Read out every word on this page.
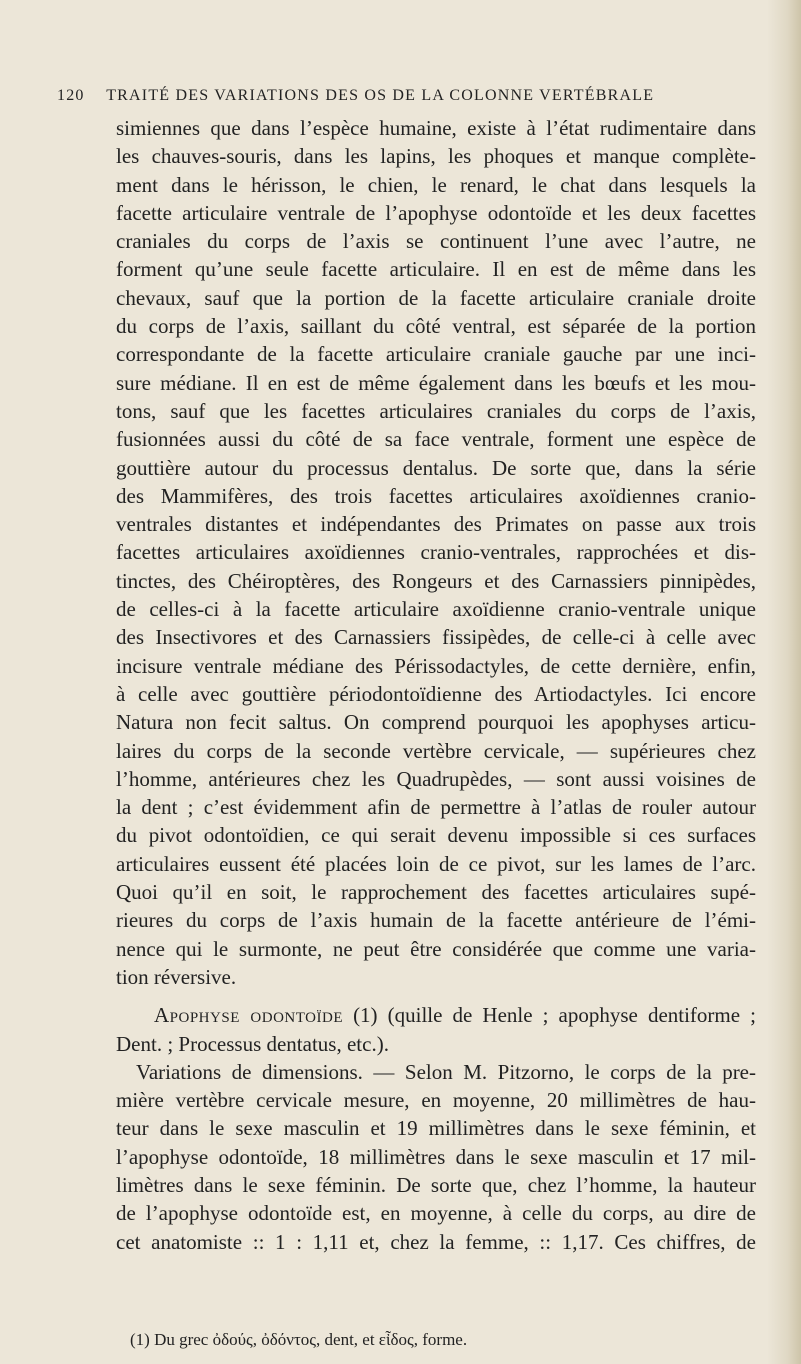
120 TRAITÉ DES VARIATIONS DES OS DE LA COLONNE VERTÉBRALE
simiennes que dans l’espèce humaine, existe à l’état rudimentaire dans
les chauves-souris, dans les lapins, les phoques et manque complète-
ment dans le hérisson, le chien, le renard, le chat dans lesquels la
facette articulaire ventrale de l’apophyse odontoïde et les deux facettes
craniales du corps de l’axis se continuent l’une avec l’autre, ne
forment qu’une seule facette articulaire. Il en est de même dans les
chevaux, sauf que la portion de la facette articulaire craniale droite
du corps de l’axis, saillant du côté ventral, est séparée de la portion
correspondante de la facette articulaire craniale gauche par une inci-
sure médiane. Il en est de même également dans les bœufs et les mou-
tons, sauf que les facettes articulaires craniales du corps de l’axis,
fusionnées aussi du côté de sa face ventrale, forment une espèce de
gouttière autour du processus dentalus. De sorte que, dans la série
des Mammifères, des trois facettes articulaires axoïdiennes cranio-
ventrales distantes et indépendantes des Primates on passe aux trois
facettes articulaires axoïdiennes cranio-ventrales, rapprochées et dis-
tinctes, des Chéiroptères, des Rongeurs et des Carnassiers pinnipèdes,
de celles-ci à la facette articulaire axoïdienne cranio-ventrale unique
des Insectivores et des Carnassiers fissipèdes, de celle-ci à celle avec
incisure ventrale médiane des Périssodactyles, de cette dernière, enfin,
à celle avec gouttière périodontoïdienne des Artiodactyles. Ici encore
Natura non fecit saltus. On comprend pourquoi les apophyses articu-
laires du corps de la seconde vertèbre cervicale, — supérieures chez
l’homme, antérieures chez les Quadrupèdes, — sont aussi voisines de
la dent ; c’est évidemment afin de permettre à l’atlas de rouler autour
du pivot odontoïdien, ce qui serait devenu impossible si ces surfaces
articulaires eussent été placées loin de ce pivot, sur les lames de l’arc.
Quoi qu’il en soit, le rapprochement des facettes articulaires supé-
rieures du corps de l’axis humain de la facette antérieure de l’émi-
nence qui le surmonte, ne peut être considérée que comme une varia-
tion réversive.
Apophyse odontoïde (1) (quille de Henle ; apophyse dentiforme ;
Dent. ; Processus dentatus, etc.).
Variations de dimensions. — Selon M. Pitzorno, le corps de la pre-
mière vertèbre cervicale mesure, en moyenne, 20 millimètres de hau-
teur dans le sexe masculin et 19 millimètres dans le sexe féminin, et
l’apophyse odontoïde, 18 millimètres dans le sexe masculin et 17 mil-
limètres dans le sexe féminin. De sorte que, chez l’homme, la hauteur
de l’apophyse odontoïde est, en moyenne, à celle du corps, au dire de
cet anatomiste :: 1 : 1,11 et, chez la femme, :: 1,17. Ces chiffres, de
(1) Du grec ὀδούς, ὀδόντος, dent, et εἶδος, forme.
